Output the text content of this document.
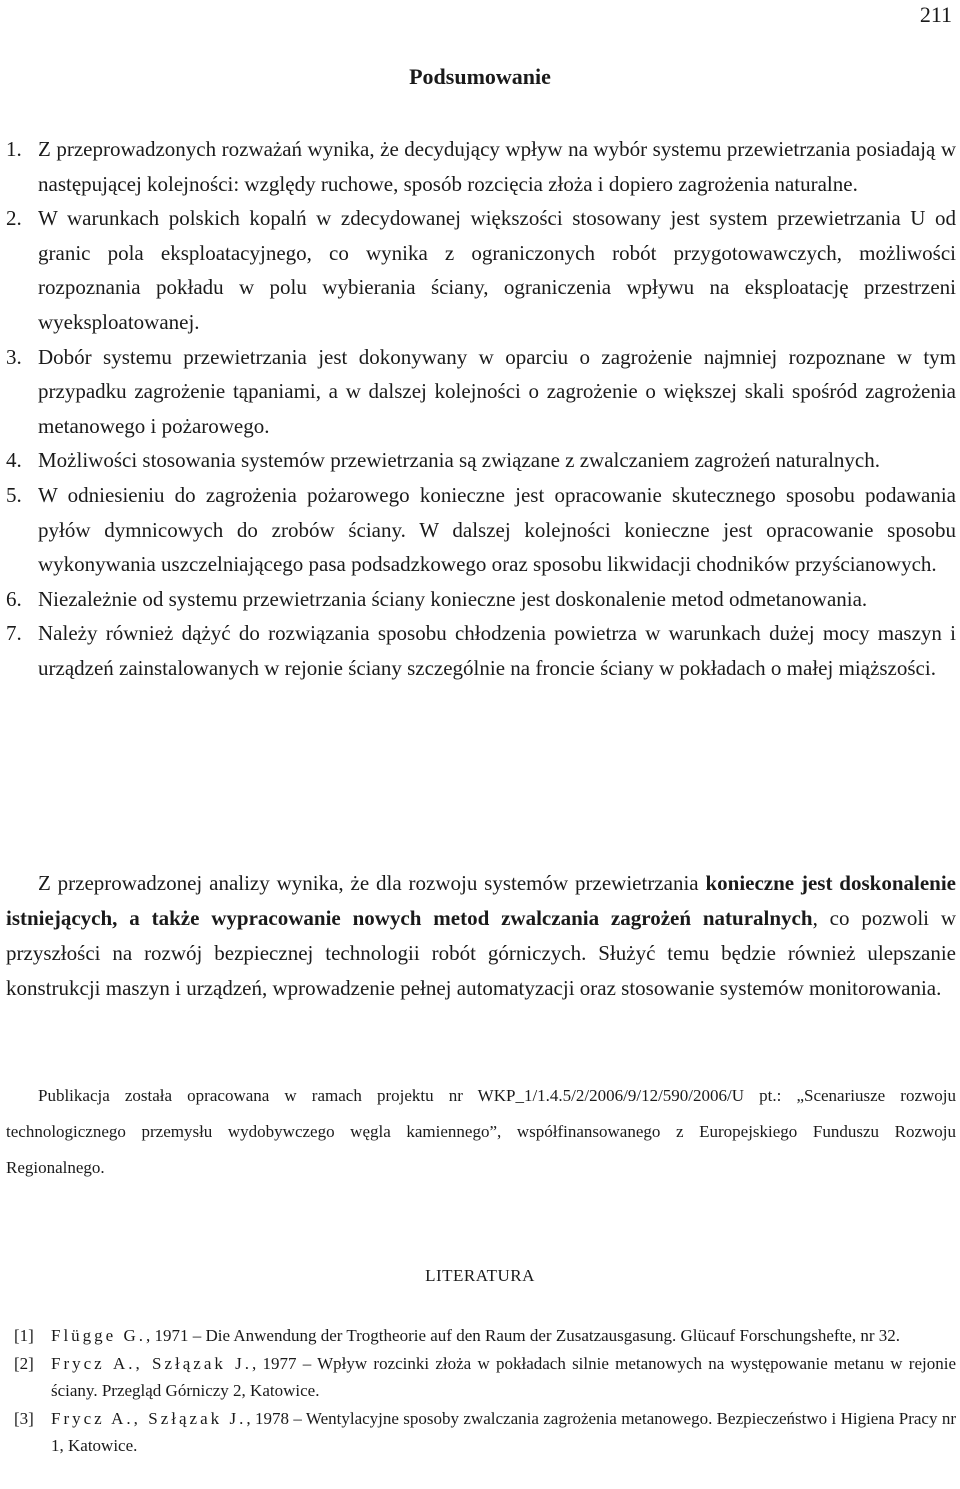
211
Podsumowanie
1. Z przeprowadzonych rozważań wynika, że decydujący wpływ na wybór systemu przewietrzania posiadają w następującej kolejności: względy ruchowe, sposób rozcięcia złoża i dopiero zagrożenia naturalne.
2. W warunkach polskich kopalń w zdecydowanej większości stosowany jest system przewietrzania U od granic pola eksploatacyjnego, co wynika z ograniczonych robót przygotowawczych, możliwości rozpoznania pokładu w polu wybierania ściany, ograniczenia wpływu na eksploatację przestrzeni wyeksploatowanej.
3. Dobór systemu przewietrzania jest dokonywany w oparciu o zagrożenie najmniej rozpoznane w tym przypadku zagrożenie tąpaniami, a w dalszej kolejności o zagrożenie o większej skali spośród zagrożenia metanowego i pożarowego.
4. Możliwości stosowania systemów przewietrzania są związane z zwalczaniem zagrożeń naturalnych.
5. W odniesieniu do zagrożenia pożarowego konieczne jest opracowanie skutecznego sposobu podawania pyłów dymnicowych do zrobów ściany. W dalszej kolejności konieczne jest opracowanie sposobu wykonywania uszczelniającego pasa podsadzkowego oraz sposobu likwidacji chodników przyścianowych.
6. Niezależnie od systemu przewietrzania ściany konieczne jest doskonalenie metod odmetanowania.
7. Należy również dążyć do rozwiązania sposobu chłodzenia powietrza w warunkach dużej mocy maszyn i urządzeń zainstalowanych w rejonie ściany szczególnie na froncie ściany w pokładach o małej miąższości.

Z przeprowadzonej analizy wynika, że dla rozwoju systemów przewietrzania konieczne jest doskonalenie istniejących, a także wypracowanie nowych metod zwalczania zagrożeń naturalnych, co pozwoli w przyszłości na rozwój bezpiecznej technologii robót górniczych. Służyć temu będzie również ulepszanie konstrukcji maszyn i urządzeń, wprowadzenie pełnej automatyzacji oraz stosowanie systemów monitorowania.

Publikacja została opracowana w ramach projektu nr WKP_1/1.4.5/2/2006/9/12/590/2006/U pt.: „Scenariusze rozwoju technologicznego przemysłu wydobywczego węgla kamiennego”, współfinansowanego z Europejskiego Funduszu Rozwoju Regionalnego.

LITERATURA
[1]	Flügge G., 1971 – Die Anwendung der Trogtheorie auf den Raum der Zusatzausgasung. Glücauf Forschungshefte, nr 32.
[2]	Frycz A., Szłązak J., 1977 – Wpływ rozcinki złoża w pokładach silnie metanowych na występowanie metanu w rejonie ściany. Przegląd Górniczy 2, Katowice.
[3]	Frycz A., Szłązak J., 1978 – Wentylacyjne sposoby zwalczania zagrożenia metanowego. Bezpieczeństwo i Higiena Pracy nr 1, Katowice.
